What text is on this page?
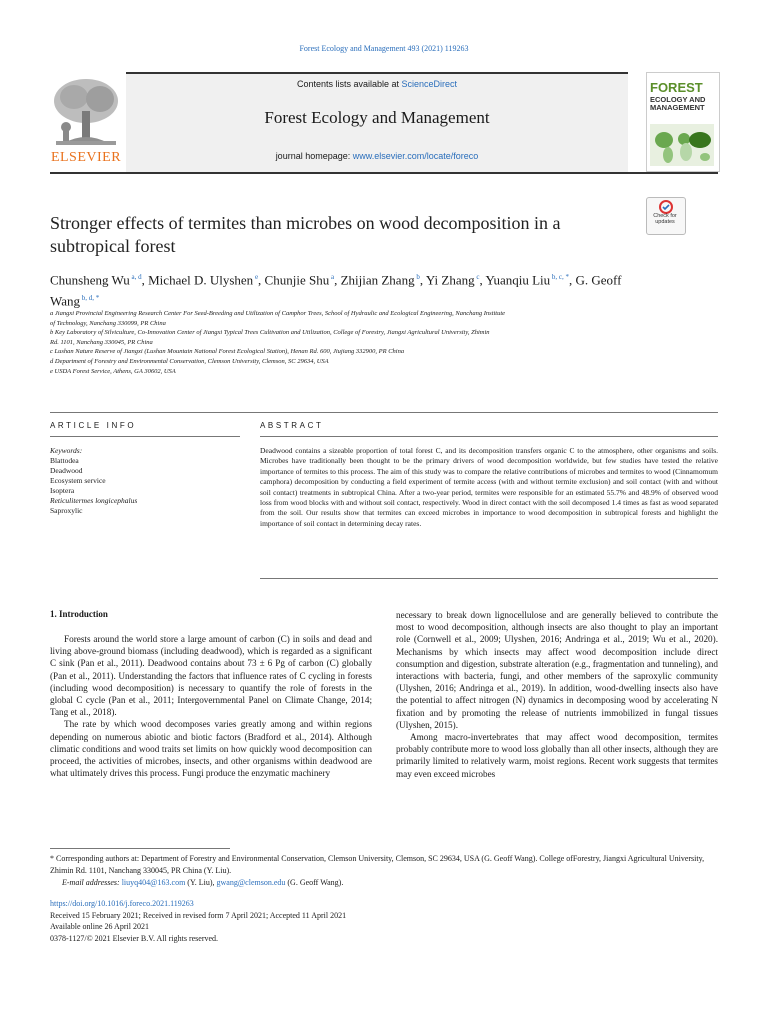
Forest Ecology and Management 493 (2021) 119263
ELSEVIER
Contents lists available at ScienceDirect
Forest Ecology and Management
journal homepage: www.elsevier.com/locate/foreco
FOREST
ECOLOGY AND MANAGEMENT
Check for updates
Stronger effects of termites than microbes on wood decomposition in a subtropical forest
Chunsheng Wu $^{a, d}$, Michael D. Ulyshen $^e$, Chunjie Shu $^a$, Zhijian Zhang $^b$, Yi Zhang $^c$, Yuanqiu Liu $^{b, c, *}$, G. Geoff Wang $^{b, d, *}$
a Jiangxi Provincial Engineering Research Center For Seed-Breeding and Utilization of Camphor Trees, School of Hydraulic and Ecological Engineering, Nanchang Institute
of Technology, Nanchang 330099, PR China
b Key Laboratory of Silviculture, Co-Innovation Center of Jiangxi Typical Trees Cultivation and Utilization, College of Forestry, Jiangxi Agricultural University, Zhimin
Rd. 1101, Nanchang 330045, PR China
c Lushan Nature Reserve of Jiangxi (Lushan Mountain National Forest Ecological Station), Henan Rd. 600, Jiujiang 332900, PR China
d Department of Forestry and Environmental Conservation, Clemson University, Clemson, SC 29634, USA
e USDA Forest Service, Athens, GA 30602, USA
ARTICLE INFO	ABSTRACT
Keywords:
Blattodea
Deadwood
Ecosystem service
Isoptera
Reticulitermes longicephalus
Saproxylic
Deadwood contains a sizeable proportion of total forest C, and its decomposition transfers organic C to the atmosphere, other organisms and soils. Microbes have traditionally been thought to be the primary drivers of wood decomposition worldwide, but few studies have tested the relative importance of termites to this process. The aim of this study was to compare the relative contributions of microbes and termites to wood (Cinnamomum camphora) decomposition by conducting a field experiment of termite access (with and without termite exclusion) and soil contact (with and without soil contact) treatments in subtropical China. After a two-year period, termites were responsible for an estimated 55.7% and 48.9% of observed wood loss from wood blocks with and without soil contact, respectively. Wood in direct contact with the soil decomposed 1.4 times as fast as wood separated from the soil. Our results show that termites can exceed microbes in importance to wood decomposition in subtropical forests and highlight the importance of soil contact in determining decay rates.
1. Introduction

Forests around the world store a large amount of carbon (C) in soils and dead and living above-ground biomass (including deadwood), which is regarded as a significant C sink (Pan et al., 2011). Deadwood contains about 73 ± 6 Pg of carbon (C) globally (Pan et al., 2011). Understanding the factors that influence rates of C cycling in forests (including wood decomposition) is necessary to quantify the role of forests in the global C cycle (Pan et al., 2011; Intergovernmental Panel on Climate Change, 2014; Tang et al., 2018).

The rate by which wood decomposes varies greatly among and within regions depending on numerous abiotic and biotic factors (Bradford et al., 2014). Although climatic conditions and wood traits set limits on how quickly wood decomposition can proceed, the activities of microbes, insects, and other organisms within deadwood are what ultimately drives this process. Fungi produce the enzymatic machinery

necessary to break down lignocellulose and are generally believed to contribute the most to wood decomposition, although insects are also thought to play an important role (Cornwell et al., 2009; Ulyshen, 2016; Andringa et al., 2019; Wu et al., 2020). Mechanisms by which insects may affect wood decomposition include direct consumption and digestion, substrate alteration (e.g., fragmentation and tunneling), and interactions with bacteria, fungi, and other members of the saproxylic community (Ulyshen, 2016; Andringa et al., 2019). In addition, wood-dwelling insects also have the potential to affect nitrogen (N) dynamics in decomposing wood by accelerating N fixation and by promoting the release of nutrients immobilized in fungal tissues (Ulyshen, 2015).

Among macro-invertebrates that may affect wood decomposition, termites probably contribute more to wood loss globally than all other insects, although they are primarily limited to relatively warm, moist regions. Recent work suggests that termites may even exceed microbes

* Corresponding authors at: Department of Forestry and Environmental Conservation, Clemson University, Clemson, SC 29634, USA (G. Geoff Wang). College ofForestry, Jiangxi Agricultural University, Zhimin Rd. 1101, Nanchang 330045, PR China (Y. Liu).
E-mail addresses: liuyq404@163.com (Y. Liu), gwang@clemson.edu (G. Geoff Wang).
https://doi.org/10.1016/j.foreco.2021.119263
Received 15 February 2021; Received in revised form 7 April 2021; Accepted 11 April 2021
Available online 26 April 2021
0378-1127/© 2021 Elsevier B.V. All rights reserved.
